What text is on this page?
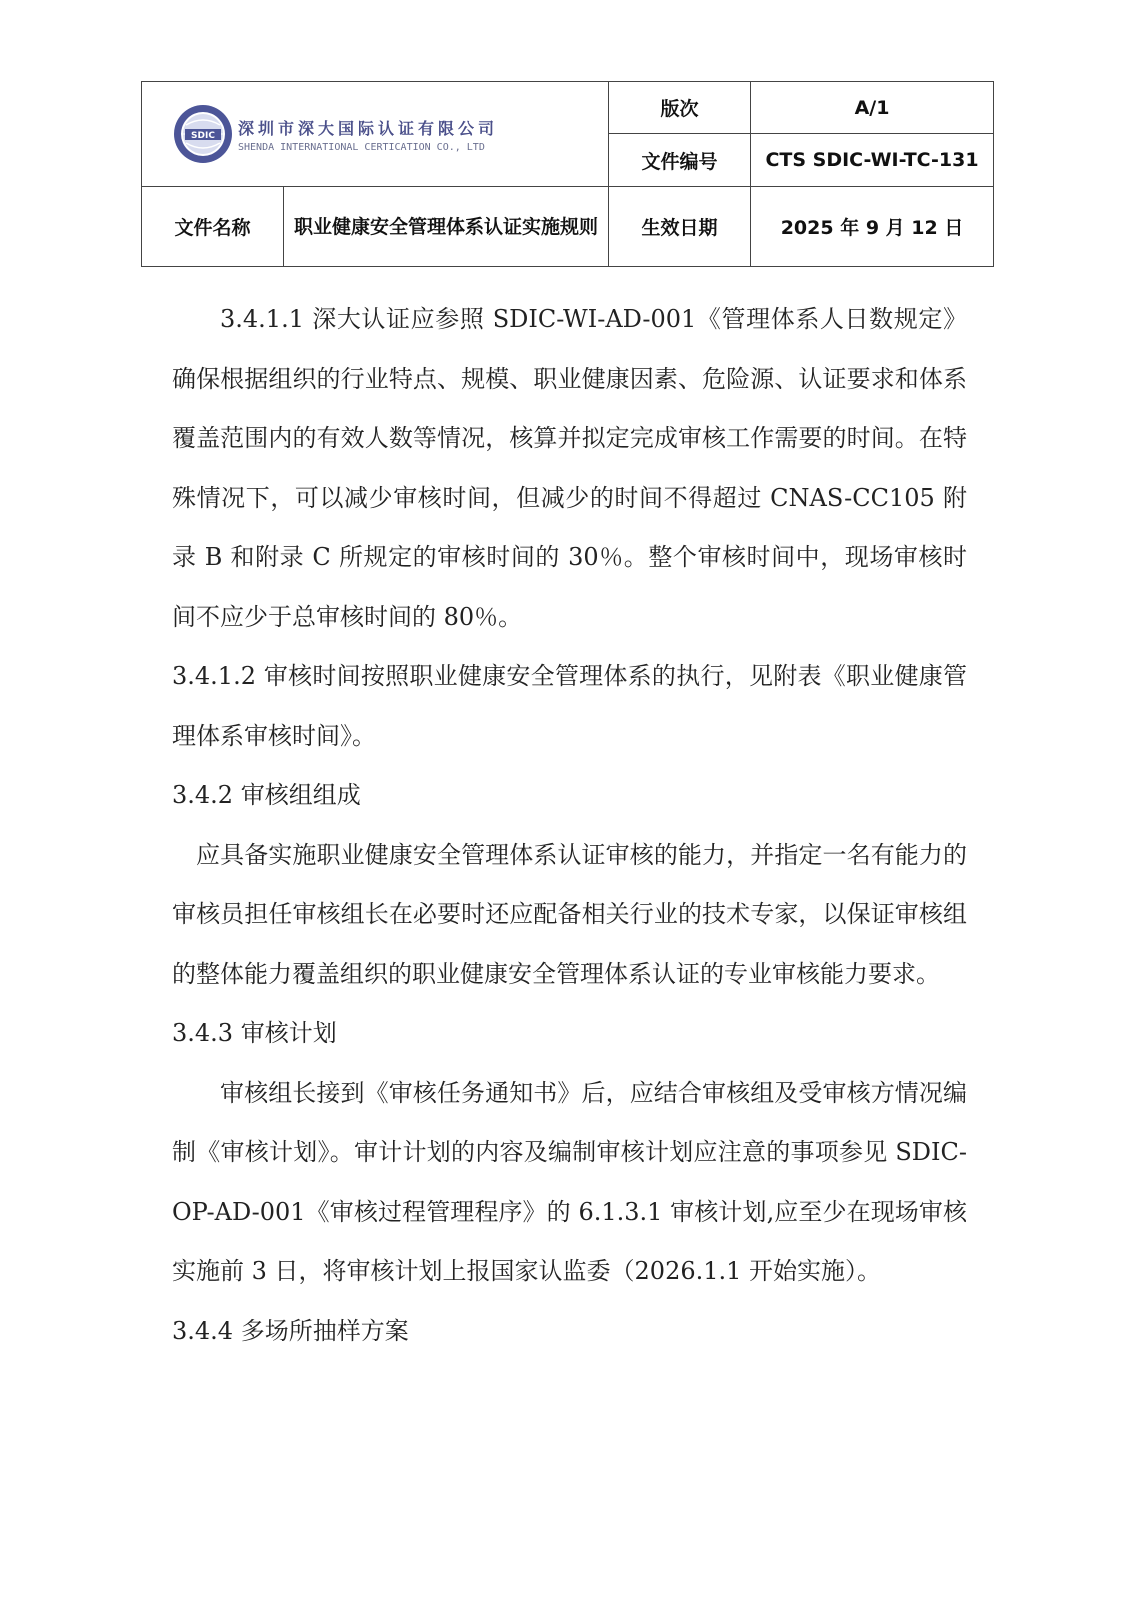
SDIC 深圳市深大国际认证有限公司
SHENDA INTERNATIONAL CERTICATION CO., LTD		版次	A/1
		文件编号	CTS SDIC-WI-TC-131
文件名称	职业健康安全管理体系认证实施规则	生效日期	2025 年 9 月 12 日

3.4.1.1 深大认证应参照 SDIC-WI-AD-001《管理体系人日数规定》确保根据组织的行业特点、规模、职业健康因素、危险源、认证要求和体系覆盖范围内的有效人数等情况，核算并拟定完成审核工作需要的时间。在特殊情况下，可以减少审核时间，但减少的时间不得超过 CNAS-CC105 附录 B 和附录 C 所规定的审核时间的 30％。整个审核时间中，现场审核时间不应少于总审核时间的 80％。

3.4.1.2 审核时间按照职业健康安全管理体系的执行，见附表《职业健康管理体系审核时间》。

3.4.2 审核组组成

应具备实施职业健康安全管理体系认证审核的能力，并指定一名有能力的审核员担任审核组长在必要时还应配备相关行业的技术专家，以保证审核组的整体能力覆盖组织的职业健康安全管理体系认证的专业审核能力要求。

3.4.3 审核计划

审核组长接到《审核任务通知书》后，应结合审核组及受审核方情况编制《审核计划》。审计计划的内容及编制审核计划应注意的事项参见 SDIC-OP-AD-001《审核过程管理程序》的 6.1.3.1 审核计划,应至少在现场审核实施前 3 日，将审核计划上报国家认监委（2026.1.1 开始实施）。

3.4.4 多场所抽样方案
